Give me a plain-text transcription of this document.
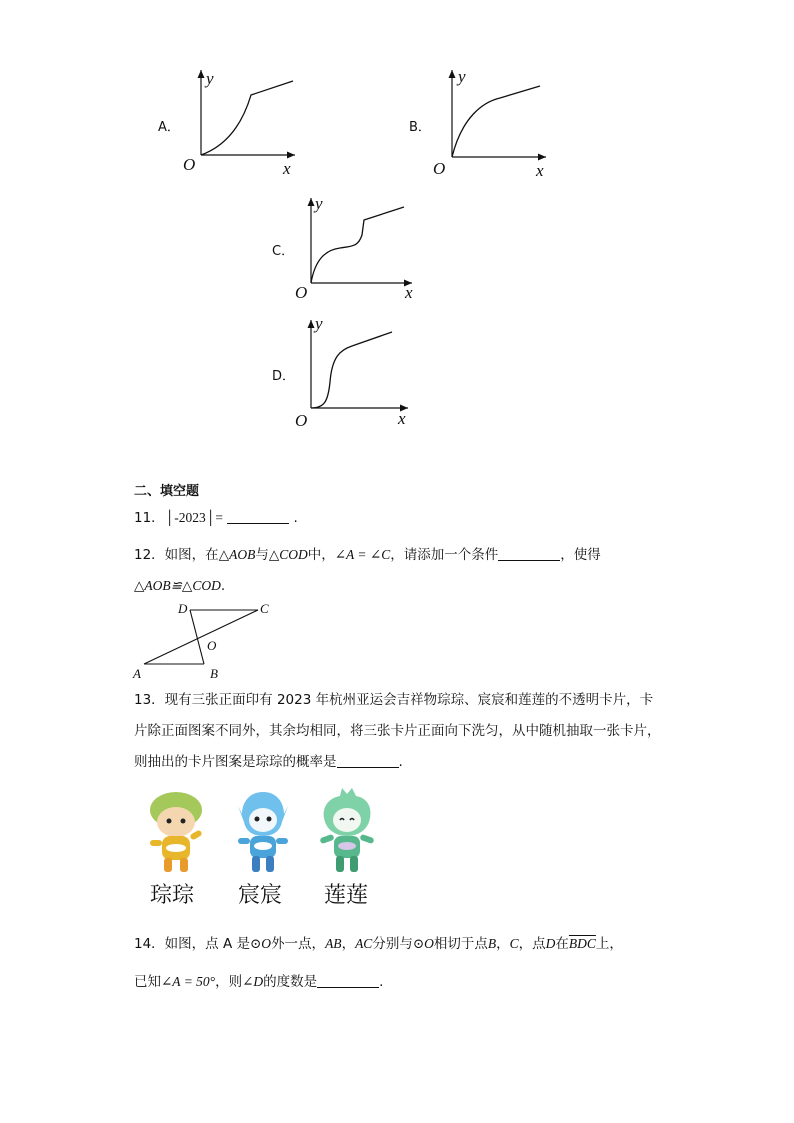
A．
y
x
O
B．
y
x
O
C．
y
x
O
D．
y
x
O
二、填空题
11．│-2023│=	.
12．如图，在△AOB与△COD中，∠A = ∠C，请添加一个条件	，使得
△AOB≌△COD.
D	C
O
A	B
13．现有三张正面印有 2023 年杭州亚运会吉祥物琮琮、宸宸和莲莲的不透明卡片，卡
片除正面图案不同外，其余均相同，将三张卡片正面向下洗匀，从中随机抽取一张卡片，
则抽出的卡片图案是琮琮的概率是	.
琮琮 宸宸 莲莲
14．如图，点 A 是⊙O外一点，AB，AC分别与⊙O相切于点B，C，点D在$\overline{BDC}$上，
已知∠A = 50°，则∠D的度数是	.
